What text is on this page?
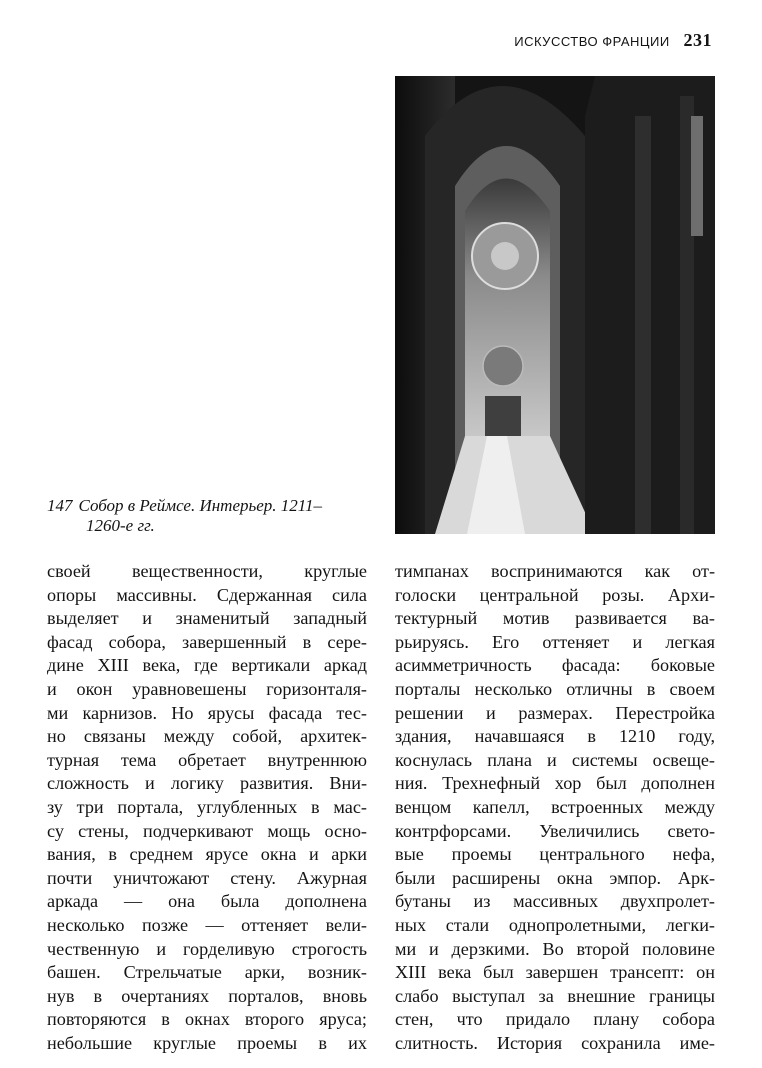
ИСКУССТВО ФРАНЦИИ 231
147 Собор в Реймсе. Интерьер. 1211–
1260-е гг.
своей вещественности, круглые
опоры массивны. Сдержанная сила
выделяет и знаменитый западный
фасад собора, завершенный в сере-
дине XIII века, где вертикали аркад
и окон уравновешены горизонталя-
ми карнизов. Но ярусы фасада тес-
но связаны между собой, архитек-
турная тема обретает внутреннюю
сложность и логику развития. Вни-
зу три портала, углубленных в мас-
су стены, подчеркивают мощь осно-
вания, в среднем ярусе окна и арки
почти уничтожают стену. Ажурная
аркада — она была дополнена
несколько позже — оттеняет вели-
чественную и горделивую строгость
башен. Стрельчатые арки, возник-
нув в очертаниях порталов, вновь
повторяются в окнах второго яруса;
небольшие круглые проемы в их
тимпанах воспринимаются как от-
голоски центральной розы. Архи-
тектурный мотив развивается ва-
рьируясь. Его оттеняет и легкая
асимметричность фасада: боковые
порталы несколько отличны в своем
решении и размерах. Перестройка
здания, начавшаяся в 1210 году,
коснулась плана и системы освеще-
ния. Трехнефный хор был дополнен
венцом капелл, встроенных между
контрфорсами. Увеличились свето-
вые проемы центрального нефа,
были расширены окна эмпор. Арк-
бутаны из массивных двухпролет-
ных стали однопролетными, легки-
ми и дерзкими. Во второй половине
XIII века был завершен трансепт: он
слабо выступал за внешние границы
стен, что придало плану собора
слитность. История сохранила име-
